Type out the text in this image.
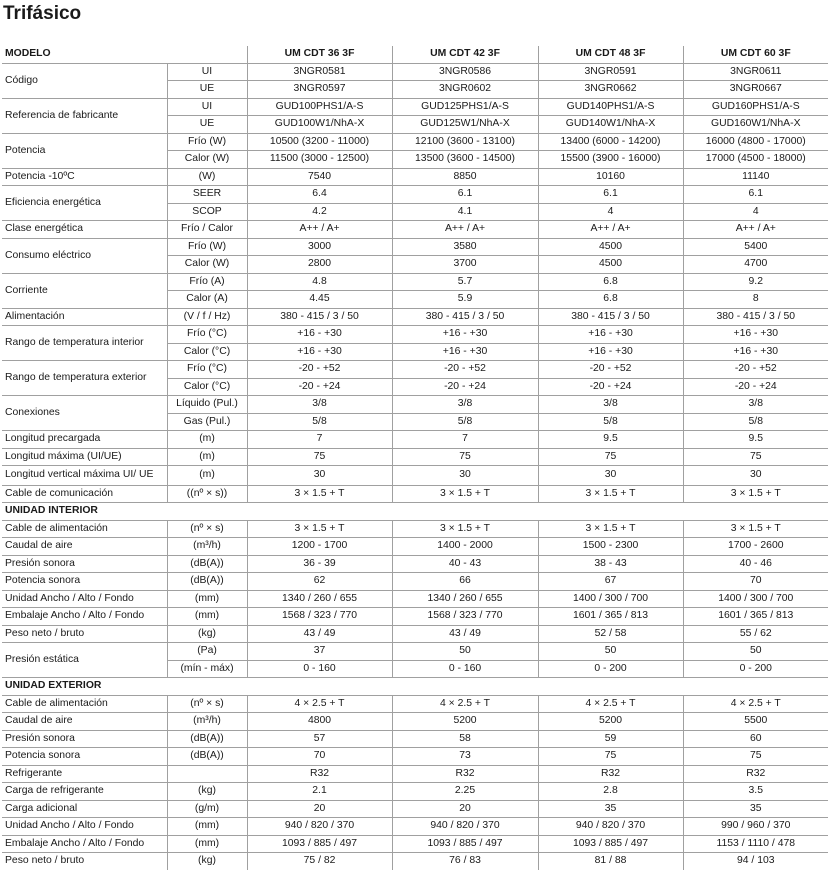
Trifásico
MODELO		UM CDT 36 3F	UM CDT 42 3F	UM CDT 48 3F	UM CDT 60 3F
Código	UI	3NGR0581	3NGR0586	3NGR0591	3NGR0611
	UE	3NGR0597	3NGR0602	3NGR0662	3NGR0667
Referencia de fabricante	UI	GUD100PHS1/A-S	GUD125PHS1/A-S	GUD140PHS1/A-S	GUD160PHS1/A-S
	UE	GUD100W1/NhA-X	GUD125W1/NhA-X	GUD140W1/NhA-X	GUD160W1/NhA-X
Potencia	Frío (W)	10500 (3200 - 11000)	12100 (3600 - 13100)	13400 (6000 - 14200)	16000 (4800 - 17000)
	Calor (W)	11500 (3000 - 12500)	13500 (3600 - 14500)	15500 (3900 - 16000)	17000 (4500 - 18000)
Potencia -10ºC	(W)	7540	8850	10160	11140
Eficiencia energética	SEER	6.4	6.1	6.1	6.1
	SCOP	4.2	4.1	4	4
Clase energética	Frío / Calor	A++ / A+	A++ / A+	A++ / A+	A++ / A+
Consumo eléctrico	Frío (W)	3000	3580	4500	5400
	Calor (W)	2800	3700	4500	4700
Corriente	Frío (A)	4.8	5.7	6.8	9.2
	Calor (A)	4.45	5.9	6.8	8
Alimentación	(V / f / Hz)	380 - 415 / 3 / 50	380 - 415 / 3 / 50	380 - 415 / 3 / 50	380 - 415 / 3 / 50
Rango de temperatura interior	Frío (°C)	+16 - +30	+16 - +30	+16 - +30	+16 - +30
	Calor (°C)	+16 - +30	+16 - +30	+16 - +30	+16 - +30
Rango de temperatura exterior	Frío (°C)	-20 - +52	-20 - +52	-20 - +52	-20 - +52
	Calor (°C)	-20 - +24	-20 - +24	-20 - +24	-20 - +24
Conexiones	Líquido (Pul.)	3/8	3/8	3/8	3/8
	Gas (Pul.)	5/8	5/8	5/8	5/8
Longitud precargada	(m)	7	7	9.5	9.5
Longitud máxima (UI/UE)	(m)	75	75	75	75
Longitud vertical máxima UI/ UE	(m)	30	30	30	30
Cable de comunicación	((nº × s))	3 × 1.5 + T	3 × 1.5 + T	3 × 1.5 + T	3 × 1.5 + T
UNIDAD INTERIOR					
Cable de alimentación	(nº × s)	3 × 1.5 + T	3 × 1.5 + T	3 × 1.5 + T	3 × 1.5 + T
Caudal de aire	(m³/h)	1200 - 1700	1400 - 2000	1500 - 2300	1700 - 2600
Presión sonora	(dB(A))	36 - 39	40 - 43	38 - 43	40 - 46
Potencia sonora	(dB(A))	62	66	67	70
Unidad Ancho / Alto / Fondo	(mm)	1340 / 260 / 655	1340 / 260 / 655	1400 / 300 / 700	1400 / 300 / 700
Embalaje Ancho / Alto / Fondo	(mm)	1568 / 323 / 770	1568 / 323 / 770	1601 / 365 / 813	1601 / 365 / 813
Peso neto / bruto	(kg)	43 / 49	43 / 49	52 / 58	55 / 62
Presión estática	(Pa)	37	50	50	50
	(mín - máx)	0 - 160	0 - 160	0 - 200	0 - 200
UNIDAD EXTERIOR					
Cable de alimentación	(nº × s)	4 × 2.5 + T	4 × 2.5 + T	4 × 2.5 + T	4 × 2.5 + T
Caudal de aire	(m³/h)	4800	5200	5200	5500
Presión sonora	(dB(A))	57	58	59	60
Potencia sonora	(dB(A))	70	73	75	75
Refrigerante		R32	R32	R32	R32
Carga de refrigerante	(kg)	2.1	2.25	2.8	3.5
Carga adicional	(g/m)	20	20	35	35
Unidad Ancho / Alto / Fondo	(mm)	940 / 820 / 370	940 / 820 / 370	940 / 820 / 370	990 / 960 / 370
Embalaje Ancho / Alto / Fondo	(mm)	1093 / 885 / 497	1093 / 885 / 497	1093 / 885 / 497	1153 / 1110 / 478
Peso neto / bruto	(kg)	75 / 82	76 / 83	81 / 88	94 / 103
